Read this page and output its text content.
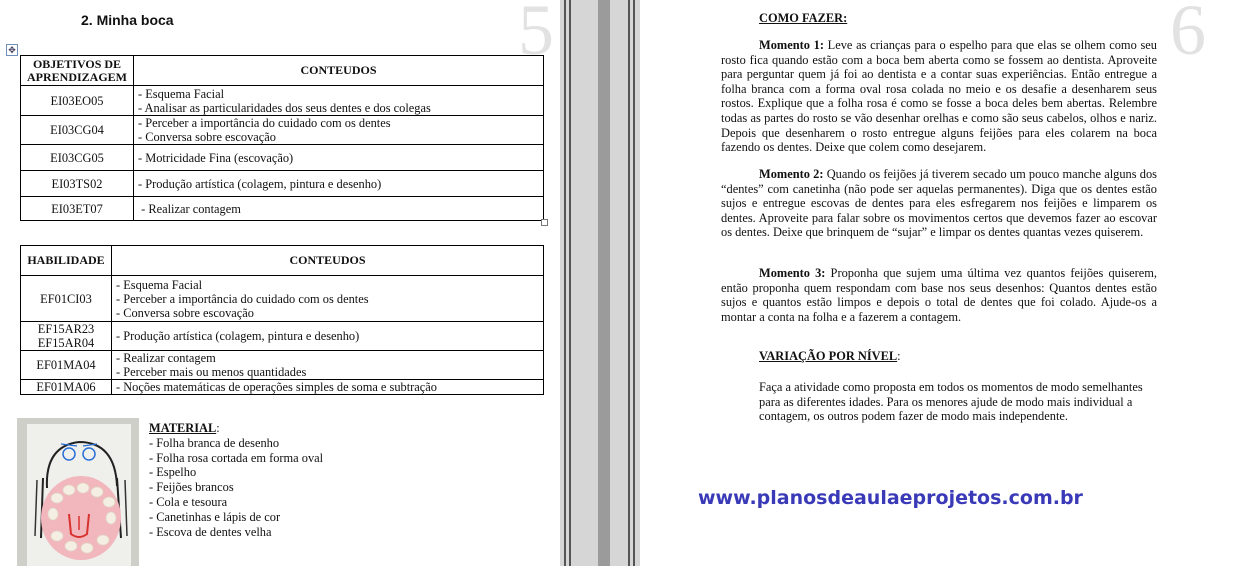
5
2. Minha boca
✥
OBJETIVOS DE APRENDIZAGEM	CONTEUDOS
EI03EO05	- Esquema Facial
- Analisar as particularidades dos seus dentes e dos colegas

EI03CG04	- Perceber a importância do cuidado com os dentes
- Conversa sobre escovação

EI03CG05	- Motricidade Fina (escovação)

EI03TS02	- Produção artística (colagem, pintura e desenho)

EI03ET07	- Realizar contagem
HABILIDADE	CONTEUDOS
EF01CI03	- Esquema Facial
- Perceber a importância do cuidado com os dentes
- Conversa sobre escovação

EF15AR23
EF15AR04	- Produção artística (colagem, pintura e desenho)

EF01MA04	- Realizar contagem
- Perceber mais ou menos quantidades

EF01MA06	- Noções matemáticas de operações simples de soma e subtração
MATERIAL:
- Folha branca de desenho
- Folha rosa cortada em forma oval
- Espelho
- Feijões brancos
- Cola e tesoura
- Canetinhas e lápis de cor
- Escova de dentes velha
6
COMO FAZER:
Momento 1: Leve as crianças para o espelho para que elas se olhem como seu rosto fica quando estão com a boca bem aberta como se fossem ao dentista. Aproveite para perguntar quem já foi ao dentista e a contar suas experiências. Então entregue a folha branca com a forma oval rosa colada no meio e os desafie a desenharem seus rostos. Explique que a folha rosa é como se fosse a boca deles bem abertas. Relembre todas as partes do rosto se vão desenhar orelhas e como são seus cabelos, olhos e nariz. Depois que desenharem o rosto entregue alguns feijões para eles colarem na boca fazendo os dentes. Deixe que colem como desejarem.
Momento 2: Quando os feijões já tiverem secado um pouco manche alguns dos “dentes” com canetinha (não pode ser aquelas permanentes). Diga que os dentes estão sujos e entregue escovas de dentes para eles esfregarem nos feijões e limparem os dentes. Aproveite para falar sobre os movimentos certos que devemos fazer ao escovar os dentes. Deixe que brinquem de “sujar” e limpar os dentes quantas vezes quiserem.
Momento 3: Proponha que sujem uma última vez quantos feijões quiserem, então proponha quem respondam com base nos seus desenhos: Quantos dentes estão sujos e quantos estão limpos e depois o total de dentes que foi colado. Ajude-os a montar a conta na folha e a fazerem a contagem.
VARIAÇÃO POR NÍVEL:
Faça a atividade como proposta em todos os momentos de modo semelhantes para as diferentes idades. Para os menores ajude de modo mais individual a contagem, os outros podem fazer de modo mais independente.
www.planosdeaulaeprojetos.com.br
